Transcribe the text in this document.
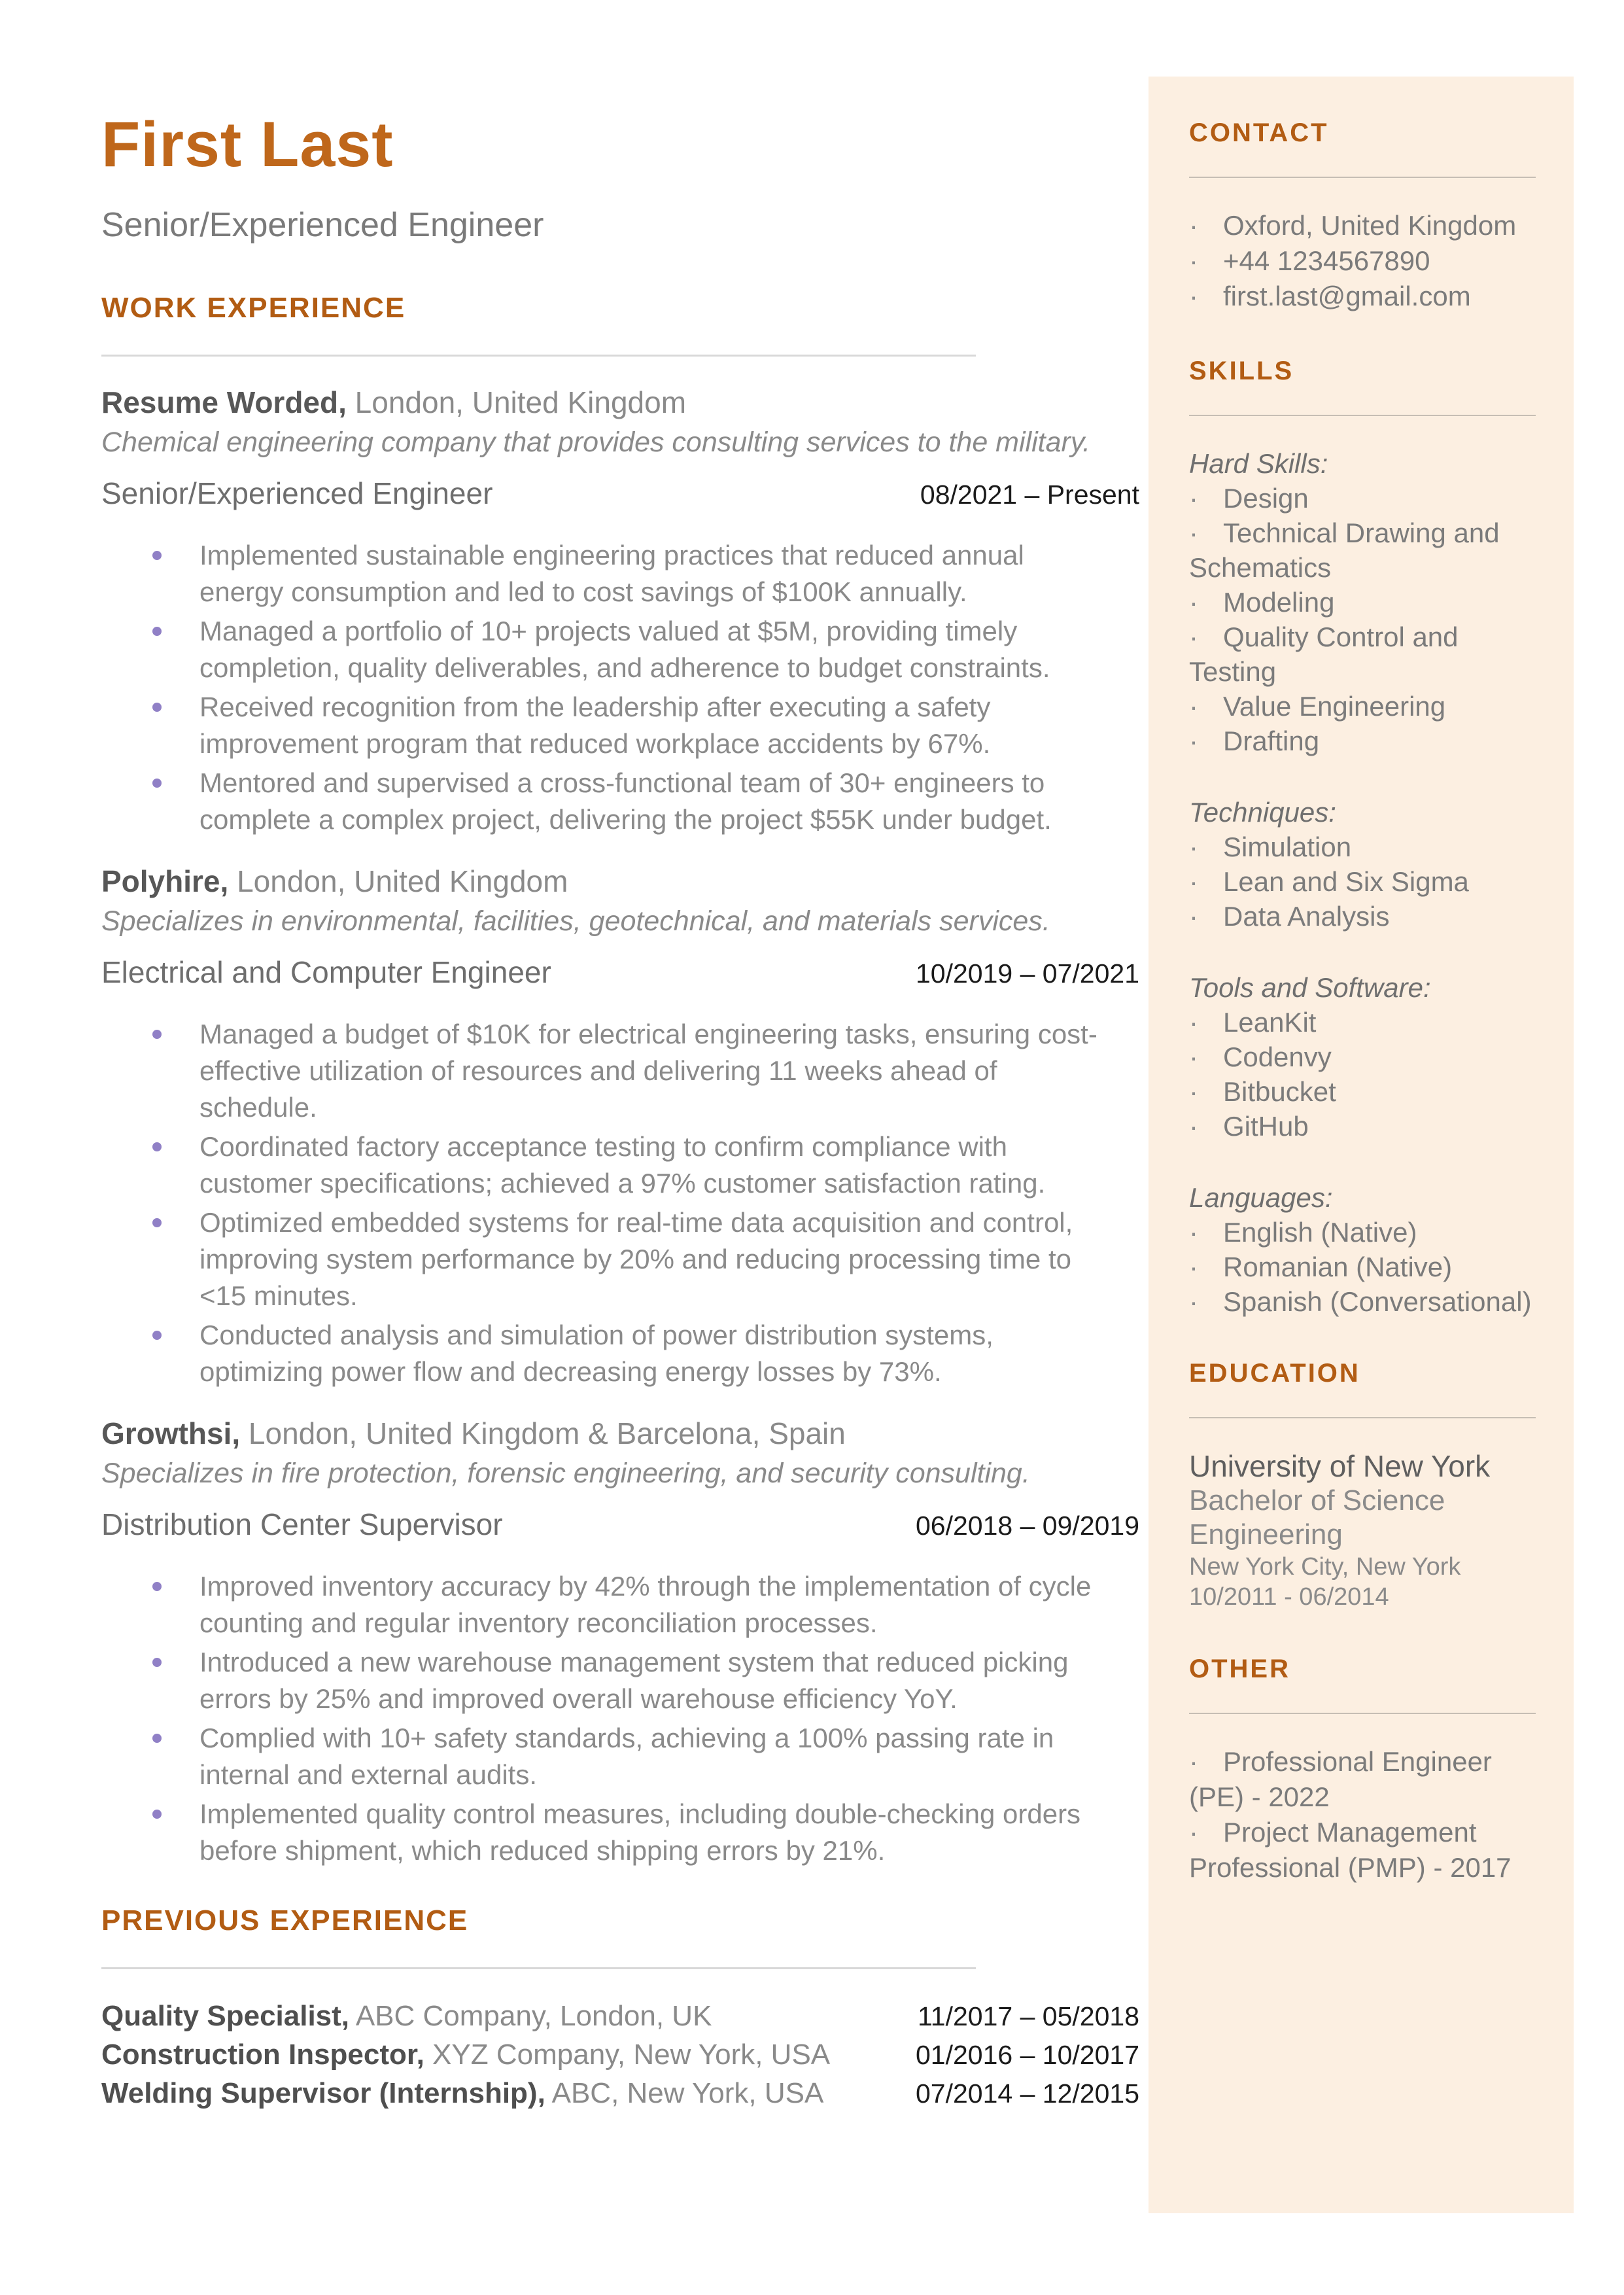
First Last
Senior/Experienced Engineer
WORK EXPERIENCE
Resume Worded, London, United Kingdom
Chemical engineering company that provides consulting services to the military.
Senior/Experienced Engineer	08/2021 – Present
Implemented sustainable engineering practices that reduced annual energy consumption and led to cost savings of $100K annually.
Managed a portfolio of 10+ projects valued at $5M, providing timely completion, quality deliverables, and adherence to budget constraints.
Received recognition from the leadership after executing a safety improvement program that reduced workplace accidents by 67%.
Mentored and supervised a cross-functional team of 30+ engineers to complete a complex project, delivering the project $55K under budget.
Polyhire, London, United Kingdom
Specializes in environmental, facilities, geotechnical, and materials services.
Electrical and Computer Engineer	10/2019 – 07/2021
Managed a budget of $10K for electrical engineering tasks, ensuring cost-effective utilization of resources and delivering 11 weeks ahead of schedule.
Coordinated factory acceptance testing to confirm compliance with customer specifications; achieved a 97% customer satisfaction rating.
Optimized embedded systems for real-time data acquisition and control, improving system performance by 20% and reducing processing time to <15 minutes.
Conducted analysis and simulation of power distribution systems, optimizing power flow and decreasing energy losses by 73%.
Growthsi, London, United Kingdom & Barcelona, Spain
Specializes in fire protection, forensic engineering, and security consulting.
Distribution Center Supervisor	06/2018 – 09/2019
Improved inventory accuracy by 42% through the implementation of cycle counting and regular inventory reconciliation processes.
Introduced a new warehouse management system that reduced picking errors by 25% and improved overall warehouse efficiency YoY.
Complied with 10+ safety standards, achieving a 100% passing rate in internal and external audits.
Implemented quality control measures, including double-checking orders before shipment, which reduced shipping errors by 21%.
PREVIOUS EXPERIENCE
Quality Specialist, ABC Company, London, UK	11/2017 – 05/2018
Construction Inspector, XYZ Company, New York, USA	01/2016 – 10/2017
Welding Supervisor (Internship), ABC, New York, USA	07/2014 – 12/2015
CONTACT
·Oxford, United Kingdom
·+44 1234567890
·first.last@gmail.com
SKILLS
Hard Skills:
·Design
·Technical Drawing and Schematics
·Modeling
·Quality Control and Testing
·Value Engineering
·Drafting
Techniques:
·Simulation
·Lean and Six Sigma
·Data Analysis
Tools and Software:
·LeanKit
·Codenvy
·Bitbucket
·GitHub
Languages:
·English (Native)
·Romanian (Native)
·Spanish (Conversational)
EDUCATION
University of New York
Bachelor of Science Engineering
New York City, New York
10/2011 - 06/2014
OTHER
·Professional Engineer (PE) - 2022
·Project Management Professional (PMP) - 2017
